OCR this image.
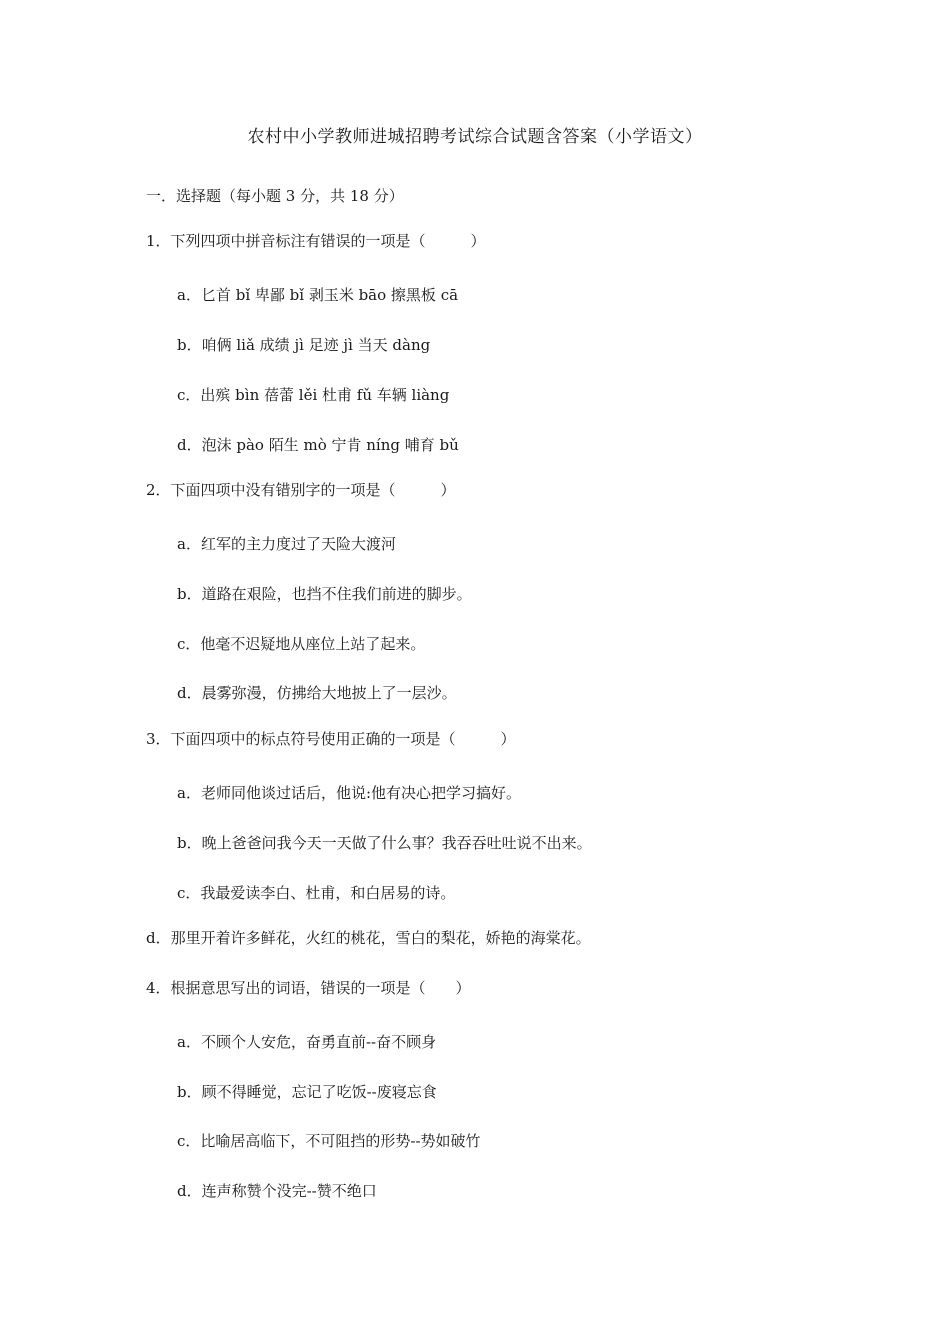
农村中小学教师进城招聘考试综合试题含答案（小学语文）
一．选择题（每小题 3 分，共 18 分）
1．下列四项中拼音标注有错误的一项是（　　　）
a．匕首 bǐ 卑鄙 bǐ 剥玉米 bāo 擦黑板 cā
b．咱俩 liǎ 成绩 jì 足迹 jì 当天 dàng
c．出殡 bìn 蓓蕾 lěi 杜甫 fǔ 车辆 liàng
d．泡沫 pào 陌生 mò 宁肯 níng 哺育 bǔ
2．下面四项中没有错别字的一项是（　　　）
a．红军的主力度过了天险大渡河
b．道路在艰险，也挡不住我们前进的脚步。
c．他毫不迟疑地从座位上站了起来。
d．晨雾弥漫，仿拂给大地披上了一层沙。
3．下面四项中的标点符号使用正确的一项是（　　　）
a．老师同他谈过话后，他说:他有决心把学习搞好。
b．晚上爸爸问我今天一天做了什么事？我吞吞吐吐说不出来。
c．我最爱读李白、杜甫，和白居易的诗。
d．那里开着许多鲜花，火红的桃花，雪白的梨花，娇艳的海棠花。
4．根据意思写出的词语，错误的一项是（　　）
a．不顾个人安危，奋勇直前--奋不顾身
b．顾不得睡觉，忘记了吃饭--废寝忘食
c．比喻居高临下，不可阻挡的形势--势如破竹
d．连声称赞个没完--赞不绝口
